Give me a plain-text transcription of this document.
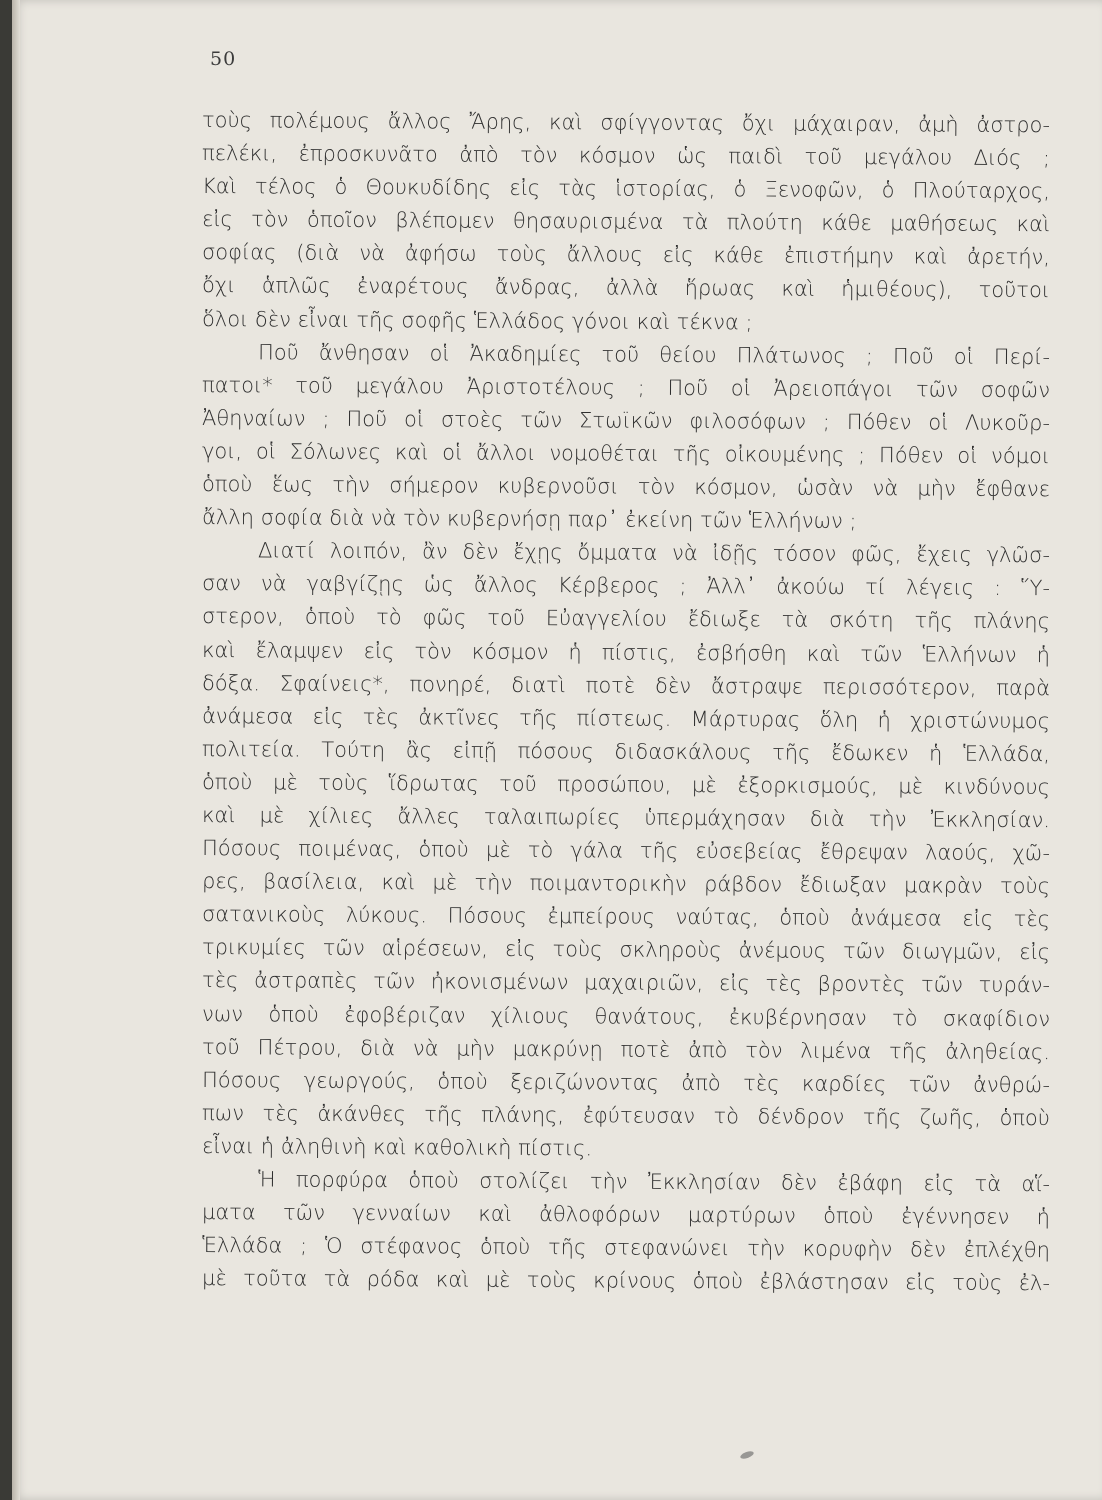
50
τοὺς πολέμους ἄλλος Ἄρης, καὶ σφίγγοντας ὄχι μάχαιραν, ἀμὴ ἀστρο-
πελέκι, ἐπροσκυνᾶτο ἀπὸ τὸν κόσμον ὡς παιδὶ τοῦ μεγάλου Διός ;
Καὶ τέλος ὁ Θουκυδίδης εἰς τὰς ἱστορίας, ὁ Ξενοφῶν, ὁ Πλούταρχος,
εἰς τὸν ὁποῖον βλέπομεν θησαυρισμένα τὰ πλούτη κάθε μαθήσεως καὶ
σοφίας (διὰ νὰ ἀφήσω τοὺς ἄλλους εἰς κάθε ἐπιστήμην καὶ ἀρετήν,
ὄχι ἁπλῶς ἐναρέτους ἄνδρας, ἀλλὰ ἥρωας καὶ ἡμιθέους), τοῦτοι
ὅλοι δὲν εἶναι τῆς σοφῆς Ἑλλάδος γόνοι καὶ τέκνα ;
Ποῦ ἄνθησαν οἱ Ἀκαδημίες τοῦ θείου Πλάτωνος ; Ποῦ οἱ Περί-
πατοι* τοῦ μεγάλου Ἀριστοτέλους ; Ποῦ οἱ Ἀρειοπάγοι τῶν σοφῶν
Ἀθηναίων ; Ποῦ οἱ στοὲς τῶν Στωϊκῶν φιλοσόφων ; Πόθεν οἱ Λυκοῦρ-
γοι, οἱ Σόλωνες καὶ οἱ ἄλλοι νομοθέται τῆς οἰκουμένης ; Πόθεν οἱ νόμοι
ὁποὺ ἕως τὴν σήμερον κυβερνοῦσι τὸν κόσμον, ὡσὰν νὰ μὴν ἔφθανε
ἄλλη σοφία διὰ νὰ τὸν κυβερνήσῃ παρ᾽ ἐκείνη τῶν Ἑλλήνων ;
Διατί λοιπόν, ἂν δὲν ἔχῃς ὄμματα νὰ ἰδῇς τόσον φῶς, ἔχεις γλῶσ-
σαν νὰ γαβγίζῃς ὡς ἄλλος Κέρβερος ; Ἀλλ᾽ ἀκούω τί λέγεις : Ὕ-
στερον, ὁποὺ τὸ φῶς τοῦ Εὐαγγελίου ἔδιωξε τὰ σκότη τῆς πλάνης
καὶ ἔλαμψεν εἰς τὸν κόσμον ἡ πίστις, ἐσβήσθη καὶ τῶν Ἑλλήνων ἡ
δόξα. Σφαίνεις*, πονηρέ, διατὶ ποτὲ δὲν ἄστραψε περισσότερον, παρὰ
ἀνάμεσα εἰς τὲς ἀκτῖνες τῆς πίστεως. Μάρτυρας ὅλη ἡ χριστώνυμος
πολιτεία. Τούτη ἂς εἰπῇ πόσους διδασκάλους τῆς ἔδωκεν ἡ Ἑλλάδα,
ὁποὺ μὲ τοὺς ἵδρωτας τοῦ προσώπου, μὲ ἐξορκισμούς, μὲ κινδύνους
καὶ μὲ χίλιες ἄλλες ταλαιπωρίες ὑπερμάχησαν διὰ τὴν Ἐκκλησίαν.
Πόσους ποιμένας, ὁποὺ μὲ τὸ γάλα τῆς εὐσεβείας ἔθρεψαν λαούς, χῶ-
ρες, βασίλεια, καὶ μὲ τὴν ποιμαντορικὴν ράβδον ἔδιωξαν μακρὰν τοὺς
σατανικοὺς λύκους. Πόσους ἐμπείρους ναύτας, ὁποὺ ἀνάμεσα εἰς τὲς
τρικυμίες τῶν αἱρέσεων, εἰς τοὺς σκληροὺς ἀνέμους τῶν διωγμῶν, εἰς
τὲς ἀστραπὲς τῶν ἠκονισμένων μαχαιριῶν, εἰς τὲς βροντὲς τῶν τυράν-
νων ὁποὺ ἐφοβέριζαν χίλιους θανάτους, ἐκυβέρνησαν τὸ σκαφίδιον
τοῦ Πέτρου, διὰ νὰ μὴν μακρύνῃ ποτὲ ἀπὸ τὸν λιμένα τῆς ἀληθείας.
Πόσους γεωργούς, ὁποὺ ξεριζώνοντας ἀπὸ τὲς καρδίες τῶν ἀνθρώ-
πων τὲς ἀκάνθες τῆς πλάνης, ἐφύτευσαν τὸ δένδρον τῆς ζωῆς, ὁποὺ
εἶναι ἡ ἀληθινὴ καὶ καθολικὴ πίστις.
Ἡ πορφύρα ὁποὺ στολίζει τὴν Ἐκκλησίαν δὲν ἐβάφη εἰς τὰ αἵ-
ματα τῶν γενναίων καὶ ἀθλοφόρων μαρτύρων ὁποὺ ἐγέννησεν ἡ
Ἑλλάδα ; Ὁ στέφανος ὁποὺ τῆς στεφανώνει τὴν κορυφὴν δὲν ἐπλέχθη
μὲ τοῦτα τὰ ρόδα καὶ μὲ τοὺς κρίνους ὁποὺ ἐβλάστησαν εἰς τοὺς ἐλ-
